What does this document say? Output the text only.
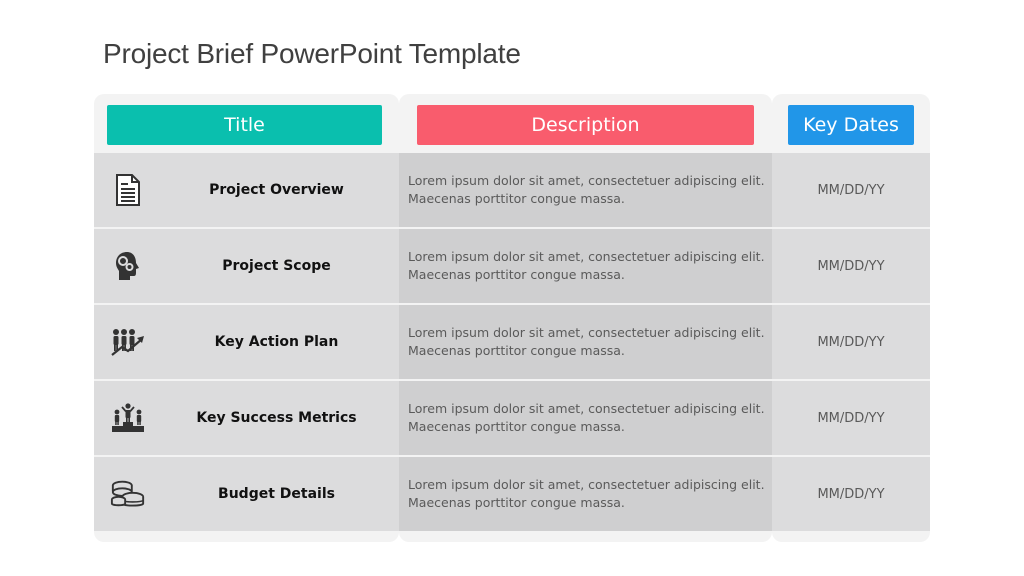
Project Brief PowerPoint Template
Title	Description	Key Dates
Project Overview
Lorem ipsum dolor sit amet, consectetuer adipiscing elit.
Maecenas porttitor congue massa.
MM/DD/YY
Project Scope
Lorem ipsum dolor sit amet, consectetuer adipiscing elit.
Maecenas porttitor congue massa.
MM/DD/YY
Key Action Plan
Lorem ipsum dolor sit amet, consectetuer adipiscing elit.
Maecenas porttitor congue massa.
MM/DD/YY
Key Success Metrics
Lorem ipsum dolor sit amet, consectetuer adipiscing elit.
Maecenas porttitor congue massa.
MM/DD/YY
Budget Details
Lorem ipsum dolor sit amet, consectetuer adipiscing elit.
Maecenas porttitor congue massa.
MM/DD/YY
